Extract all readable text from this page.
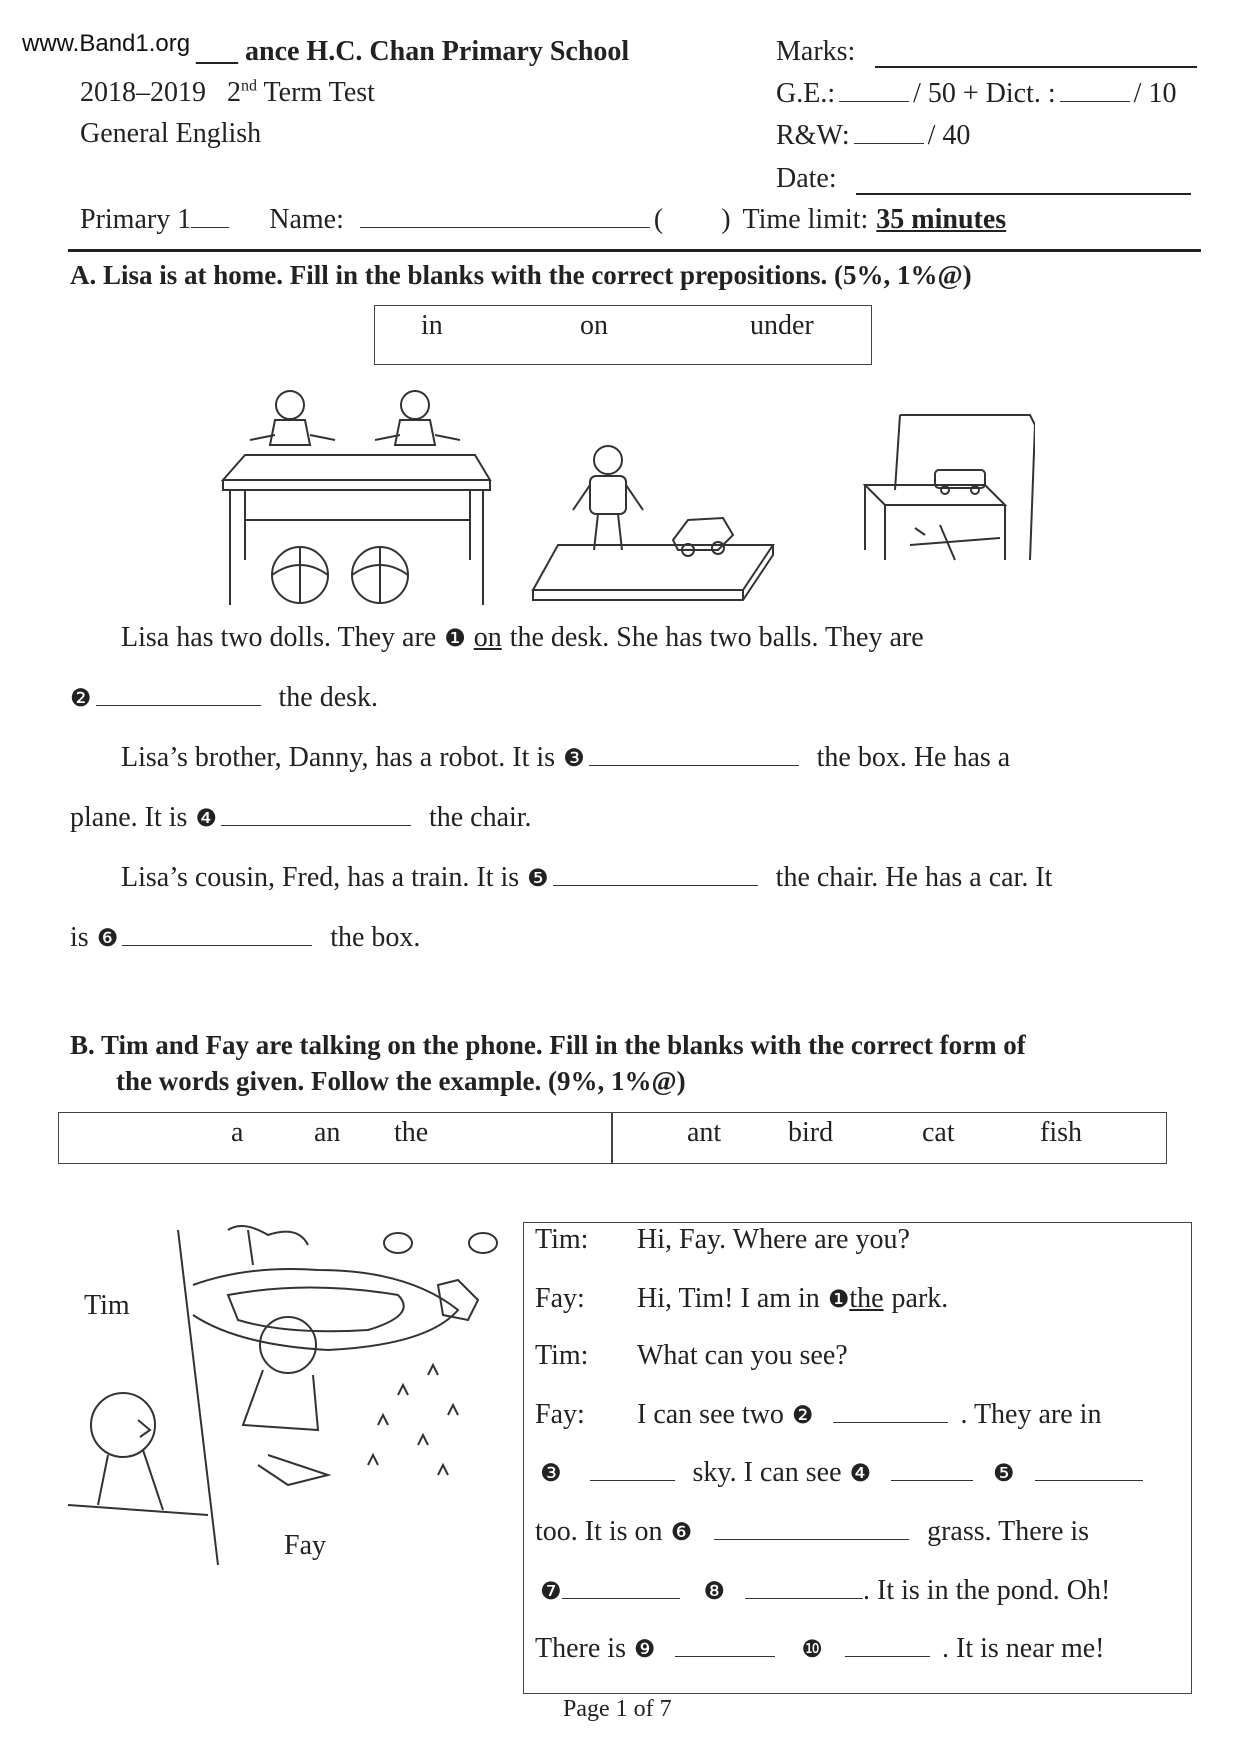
www.Band1.org ___ ance H.C. Chan Primary School
2018–2019 2nd Term Test
General English
Marks:
G.E.:	/ 50 + Dict. :	/ 10
R&W:	/ 40
Date:
Primary 1	Name:	( ) Time limit: 35 minutes
A. Lisa is at home. Fill in the blanks with the correct prepositions. (5%, 1%@)
in	on	under
Lisa has two dolls. They are ❶ on the desk. She has two balls. They are
❷	the desk.
Lisa’s brother, Danny, has a robot. It is ❸	the box. He has a
plane. It is ❹	the chair.
Lisa’s cousin, Fred, has a train. It is ❺	the chair. He has a car. It
is ❻	the box.
B. Tim and Fay are talking on the phone. Fill in the blanks with the correct form of
the words given. Follow the example. (9%, 1%@)
a	an the	ant bird	cat	fish
Tim
Fay
Tim:	Hi, Fay. Where are you?
Fay:	Hi, Tim! I am in ❶ the park.
Tim:	What can you see?
Fay:	I can see two ❷	. They are in
❸	sky. I can see ❹	❺
too. It is on ❻	grass. There is
❼	❽	. It is in the pond. Oh!
There is ❾	❿	. It is near me!
Page 1 of 7
